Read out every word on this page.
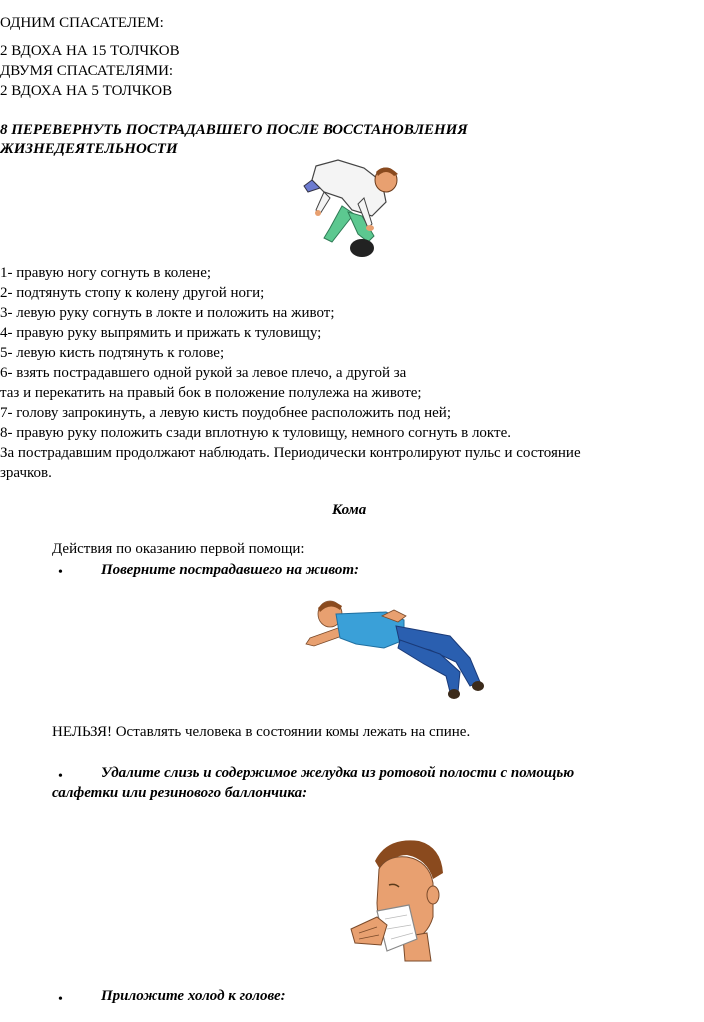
ОДНИМ СПАСАТЕЛЕМ:
2 ВДОХА НА 15 ТОЛЧКОВ
ДВУМЯ СПАСАТЕЛЯМИ:
2 ВДОХА НА 5 ТОЛЧКОВ
8 ПЕРЕВЕРНУТЬ ПОСТРАДАВШЕГО ПОСЛЕ ВОССТАНОВЛЕНИЯ
ЖИЗНЕДЕЯТЕЛЬНОСТИ
1- правую ногу согнуть в колене;
2- подтянуть стопу к колену другой ноги;
3- левую руку согнуть в локте и положить на живот;
4- правую руку выпрямить и прижать к туловищу;
5- левую кисть подтянуть к голове;
6- взять пострадавшего одной рукой за левое плечо, а другой за
таз и перекатить на правый бок в положение полулежа на животе;
7- голову запрокинуть, а левую кисть поудобнее расположить под ней;
8- правую руку положить сзади вплотную к туловищу, немного согнуть в локте.
За пострадавшим продолжают наблюдать. Периодически контролируют пульс и состояние
зрачков.
Кома
Действия по оказанию первой помощи:
•	Поверните пострадавшего на живот:
НЕЛЬЗЯ! Оставлять человека в состоянии комы лежать на спине.
•	Удалите слизь и содержимое желудка из ротовой полости с помощью
салфетки или резинового баллончика:
•	Приложите холод к голове:
